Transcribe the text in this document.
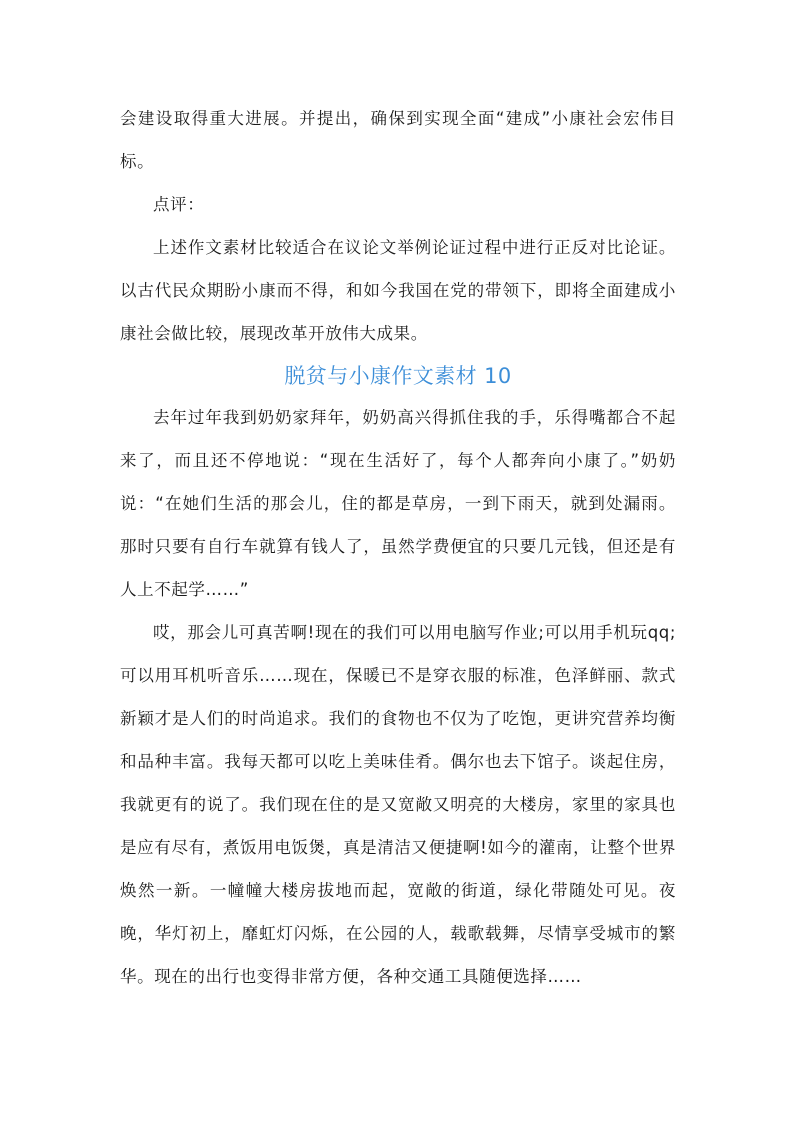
会建设取得重大进展。并提出，确保到实现全面“建成”小康社会宏伟目标。

点评：

上述作文素材比较适合在议论文举例论证过程中进行正反对比论证。以古代民众期盼小康而不得，和如今我国在党的带领下，即将全面建成小康社会做比较，展现改革开放伟大成果。

脱贫与小康作文素材 10

去年过年我到奶奶家拜年，奶奶高兴得抓住我的手，乐得嘴都合不起来了，而且还不停地说：“现在生活好了，每个人都奔向小康了。”奶奶说：“在她们生活的那会儿，住的都是草房，一到下雨天，就到处漏雨。那时只要有自行车就算有钱人了，虽然学费便宜的只要几元钱，但还是有人上不起学……”

哎，那会儿可真苦啊!现在的我们可以用电脑写作业;可以用手机玩qq;可以用耳机听音乐……现在，保暖已不是穿衣服的标准，色泽鲜丽、款式新颖才是人们的时尚追求。我们的食物也不仅为了吃饱，更讲究营养均衡和品种丰富。我每天都可以吃上美味佳肴。偶尔也去下馆子。谈起住房，我就更有的说了。我们现在住的是又宽敞又明亮的大楼房，家里的家具也是应有尽有，煮饭用电饭煲，真是清洁又便捷啊!如今的灌南，让整个世界焕然一新。一幢幢大楼房拔地而起，宽敞的街道，绿化带随处可见。夜晚，华灯初上，靡虹灯闪烁，在公园的人，载歌载舞，尽情享受城市的繁华。现在的出行也变得非常方便，各种交通工具随便选择……
